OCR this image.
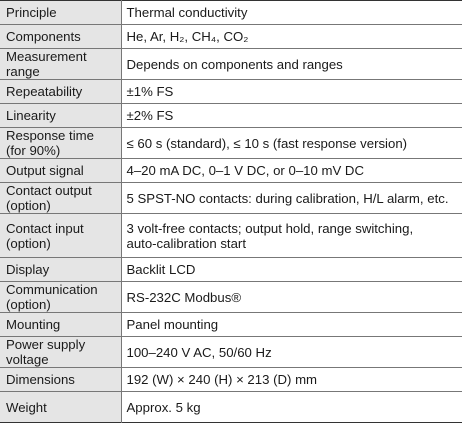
Principle	Thermal conductivity

Components	He, Ar, H₂, CH₄, CO₂

Measurement range	Depends on components and ranges

Repeatability	±1% FS

Linearity	±2% FS

Response time
(for 90%)	≤ 60 s (standard), ≤ 10 s (fast response version)

Output signal	4–20 mA DC, 0–1 V DC, or 0–10 mV DC

Contact output
(option)	5 SPST-NO contacts: during calibration, H/L alarm, etc.

Contact input
(option)	3 volt-free contacts; output hold, range switching,
auto-calibration start

Display	Backlit LCD

Communication
(option)	RS-232C Modbus®

Mounting	Panel mounting

Power supply
voltage	100–240 V AC, 50/60 Hz

Dimensions	192 (W) × 240 (H) × 213 (D) mm

Weight	Approx. 5 kg
